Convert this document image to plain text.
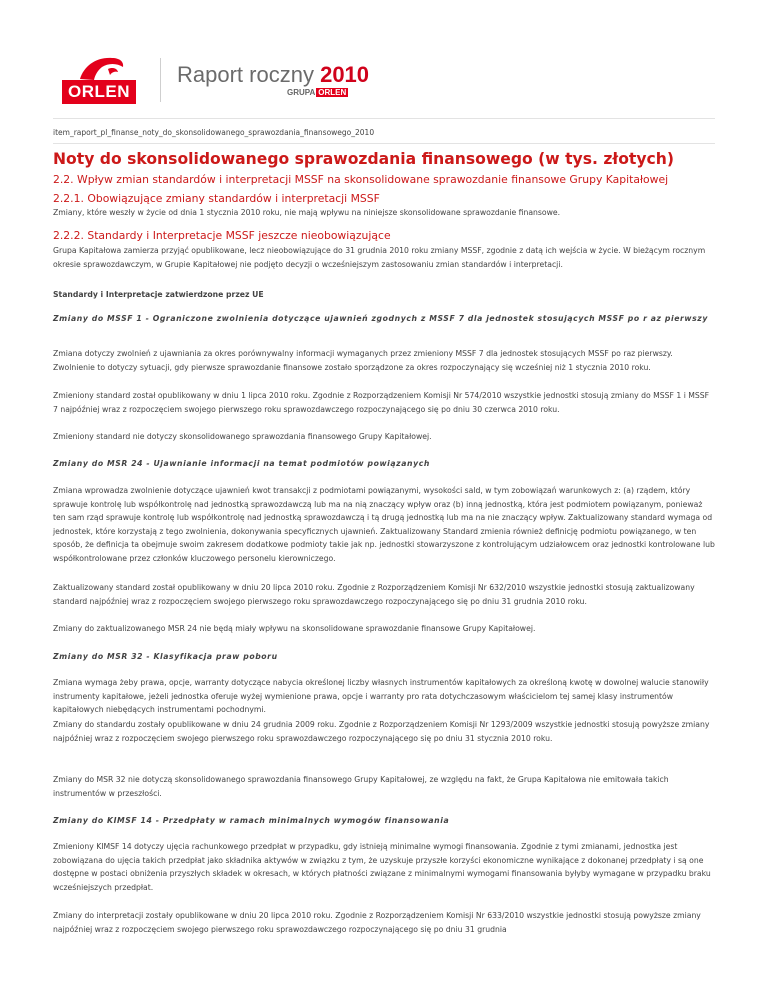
ORLEN
Raport roczny 2010
GRUPA ORLEN
item_raport_pl_finanse_noty_do_skonsolidowanego_sprawozdania_finansowego_2010
Noty do skonsolidowanego sprawozdania finansowego (w tys. złotych)
2.2. Wpływ zmian standardów i interpretacji MSSF na skonsolidowane sprawozdanie finansowe Grupy Kapitałowej
2.2.1. Obowiązujące zmiany standardów i interpretacji MSSF

Zmiany, które weszły w życie od dnia 1 stycznia 2010 roku, nie mają wpływu na niniejsze skonsolidowane sprawozdanie finansowe.

2.2.2. Standardy i Interpretacje MSSF jeszcze nieobowiązujące

Grupa Kapitałowa zamierza przyjąć opublikowane, lecz nieobowiązujące do 31 grudnia 2010 roku zmiany MSSF, zgodnie z datą ich wejścia w życie. W bieżącym rocznym okresie sprawozdawczym, w Grupie Kapitałowej nie podjęto decyzji o wcześniejszym zastosowaniu zmian standardów i interpretacji.

Standardy i Interpretacje zatwierdzone przez UE

Zmiany do MSSF 1 - Ograniczone zwolnienia dotyczące ujawnień zgodnych z MSSF 7 dla jednostek stosujących MSSF po r az pierwszy

Zmiana dotyczy zwolnień z ujawniania za okres porównywalny informacji wymaganych przez zmieniony MSSF 7 dla jednostek stosujących MSSF po raz pierwszy. Zwolnienie to dotyczy sytuacji, gdy pierwsze sprawozdanie finansowe zostało sporządzone za okres rozpoczynający się wcześniej niż 1 stycznia 2010 roku.

Zmieniony standard został opublikowany w dniu 1 lipca 2010 roku. Zgodnie z Rozporządzeniem Komisji Nr 574/2010 wszystkie jednostki stosują zmiany do MSSF 1 i MSSF 7 najpóźniej wraz z rozpoczęciem swojego pierwszego roku sprawozdawczego rozpoczynającego się po dniu 30 czerwca 2010 roku.

Zmieniony standard nie dotyczy skonsolidowanego sprawozdania finansowego Grupy Kapitałowej.

Zmiany do MSR 24 - Ujawnianie informacji na temat podmiotów powiązanych

Zmiana wprowadza zwolnienie dotyczące ujawnień kwot transakcji z podmiotami powiązanymi, wysokości sald, w tym zobowiązań warunkowych z: (a) rządem, który sprawuje kontrolę lub współkontrolę nad jednostką sprawozdawczą lub ma na nią znaczący wpływ oraz (b) inną jednostką, która jest podmiotem powiązanym, ponieważ ten sam rząd sprawuje kontrolę lub współkontrolę nad jednostką sprawozdawczą i tą drugą jednostką lub ma na nie znaczący wpływ. Zaktualizowany standard wymaga od jednostek, które korzystają z tego zwolnienia, dokonywania specyficznych ujawnień. Zaktualizowany Standard zmienia również definicję podmiotu powiązanego, w ten sposób, że definicja ta obejmuje swoim zakresem dodatkowe podmioty takie jak np. jednostki stowarzyszone z kontrolującym udziałowcem oraz jednostki kontrolowane lub współkontrolowane przez członków kluczowego personelu kierowniczego.

Zaktualizowany standard został opublikowany w dniu 20 lipca 2010 roku. Zgodnie z Rozporządzeniem Komisji Nr 632/2010 wszystkie jednostki stosują zaktualizowany standard najpóźniej wraz z rozpoczęciem swojego pierwszego roku sprawozdawczego rozpoczynającego się po dniu 31 grudnia 2010 roku.

Zmiany do zaktualizowanego MSR 24 nie będą miały wpływu na skonsolidowane sprawozdanie finansowe Grupy Kapitałowej.

Zmiany do MSR 32 - Klasyfikacja praw poboru

Zmiana wymaga żeby prawa, opcje, warranty dotyczące nabycia określonej liczby własnych instrumentów kapitałowych za określoną kwotę w dowolnej walucie stanowiły instrumenty kapitałowe, jeżeli jednostka oferuje wyżej wymienione prawa, opcje i warranty pro rata dotychczasowym właścicielom tej samej klasy instrumentów kapitałowych niebędących instrumentami pochodnymi.

Zmiany do standardu zostały opublikowane w dniu 24 grudnia 2009 roku. Zgodnie z Rozporządzeniem Komisji Nr 1293/2009 wszystkie jednostki stosują powyższe zmiany najpóźniej wraz z rozpoczęciem swojego pierwszego roku sprawozdawczego rozpoczynającego się po dniu 31 stycznia 2010 roku.

Zmiany do MSR 32 nie dotyczą skonsolidowanego sprawozdania finansowego Grupy Kapitałowej, ze względu na fakt, że Grupa Kapitałowa nie emitowała takich instrumentów w przeszłości.

Zmiany do KIMSF 14 - Przedpłaty w ramach minimalnych wymogów finansowania

Zmieniony KIMSF 14 dotyczy ujęcia rachunkowego przedpłat w przypadku, gdy istnieją minimalne wymogi finansowania. Zgodnie z tymi zmianami, jednostka jest zobowiązana do ujęcia takich przedpłat jako składnika aktywów w związku z tym, że uzyskuje przyszłe korzyści ekonomiczne wynikające z dokonanej przedpłaty i są one dostępne w postaci obniżenia przyszłych składek w okresach, w których płatności związane z minimalnymi wymogami finansowania byłyby wymagane w przypadku braku wcześniejszych przedpłat.

Zmiany do interpretacji zostały opublikowane w dniu 20 lipca 2010 roku. Zgodnie z Rozporządzeniem Komisji Nr 633/2010 wszystkie jednostki stosują powyższe zmiany najpóźniej wraz z rozpoczęciem swojego pierwszego roku sprawozdawczego rozpoczynającego się po dniu 31 grudnia
